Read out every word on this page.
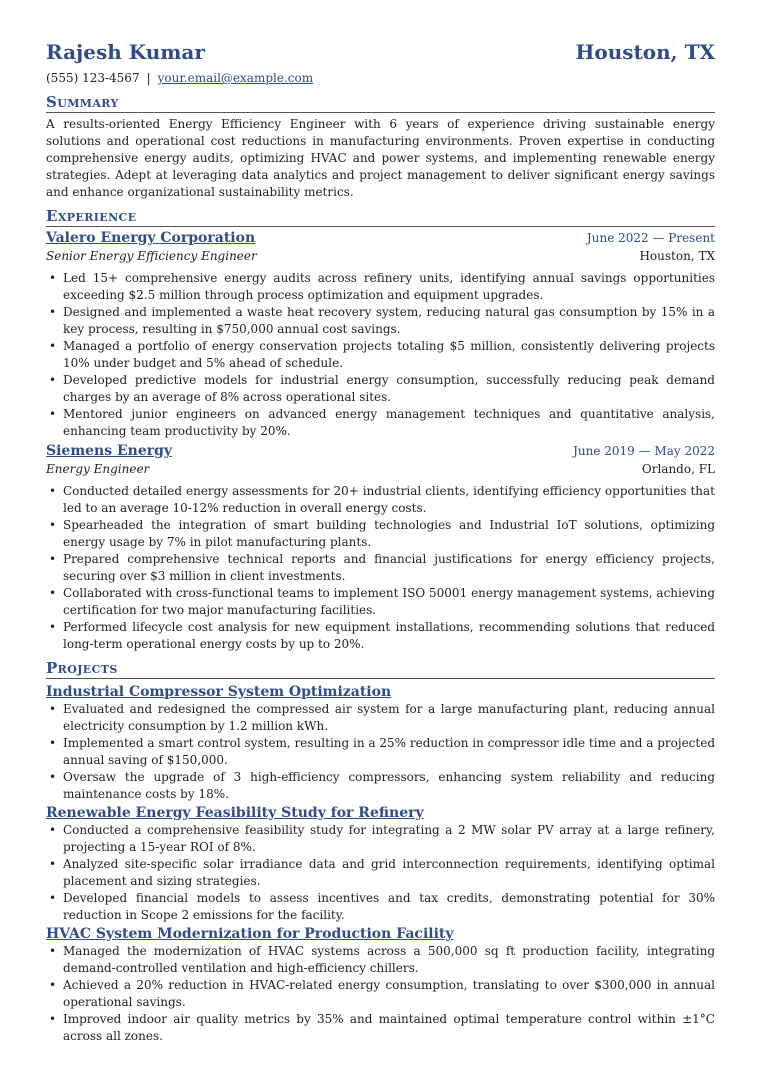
Rajesh Kumar	Houston, TX
(555) 123-4567 | your.email@example.com
Summary
A results-oriented Energy Efficiency Engineer with 6 years of experience driving sustainable energy solutions and operational cost reductions in manufacturing environments. Proven expertise in conducting comprehensive energy audits, optimizing HVAC and power systems, and implementing renewable energy strategies. Adept at leveraging data analytics and project management to deliver significant energy savings and enhance organizational sustainability metrics.
Experience
Valero Energy Corporation	June 2022 — Present
Senior Energy Efficiency Engineer	Houston, TX
• Led 15+ comprehensive energy audits across refinery units, identifying annual savings opportunities exceeding $2.5 million through process optimization and equipment upgrades.
• Designed and implemented a waste heat recovery system, reducing natural gas consumption by 15% in a key process, resulting in $750,000 annual cost savings.
• Managed a portfolio of energy conservation projects totaling $5 million, consistently delivering projects 10% under budget and 5% ahead of schedule.
• Developed predictive models for industrial energy consumption, successfully reducing peak demand charges by an average of 8% across operational sites.
• Mentored junior engineers on advanced energy management techniques and quantitative analysis, enhancing team productivity by 20%.
Siemens Energy	June 2019 — May 2022
Energy Engineer	Orlando, FL
• Conducted detailed energy assessments for 20+ industrial clients, identifying efficiency opportunities that led to an average 10-12% reduction in overall energy costs.
• Spearheaded the integration of smart building technologies and Industrial IoT solutions, optimizing energy usage by 7% in pilot manufacturing plants.
• Prepared comprehensive technical reports and financial justifications for energy efficiency projects, securing over $3 million in client investments.
• Collaborated with cross-functional teams to implement ISO 50001 energy management systems, achieving certification for two major manufacturing facilities.
• Performed lifecycle cost analysis for new equipment installations, recommending solutions that reduced long-term operational energy costs by up to 20%.
Projects
Industrial Compressor System Optimization
• Evaluated and redesigned the compressed air system for a large manufacturing plant, reducing annual electricity consumption by 1.2 million kWh.
• Implemented a smart control system, resulting in a 25% reduction in compressor idle time and a projected annual saving of $150,000.
• Oversaw the upgrade of 3 high-efficiency compressors, enhancing system reliability and reducing maintenance costs by 18%.
Renewable Energy Feasibility Study for Refinery
• Conducted a comprehensive feasibility study for integrating a 2 MW solar PV array at a large refinery, projecting a 15-year ROI of 8%.
• Analyzed site-specific solar irradiance data and grid interconnection requirements, identifying optimal placement and sizing strategies.
• Developed financial models to assess incentives and tax credits, demonstrating potential for 30% reduction in Scope 2 emissions for the facility.
HVAC System Modernization for Production Facility
• Managed the modernization of HVAC systems across a 500,000 sq ft production facility, integrating demand-controlled ventilation and high-efficiency chillers.
• Achieved a 20% reduction in HVAC-related energy consumption, translating to over $300,000 in annual operational savings.
• Improved indoor air quality metrics by 35% and maintained optimal temperature control within ±1°C across all zones.
